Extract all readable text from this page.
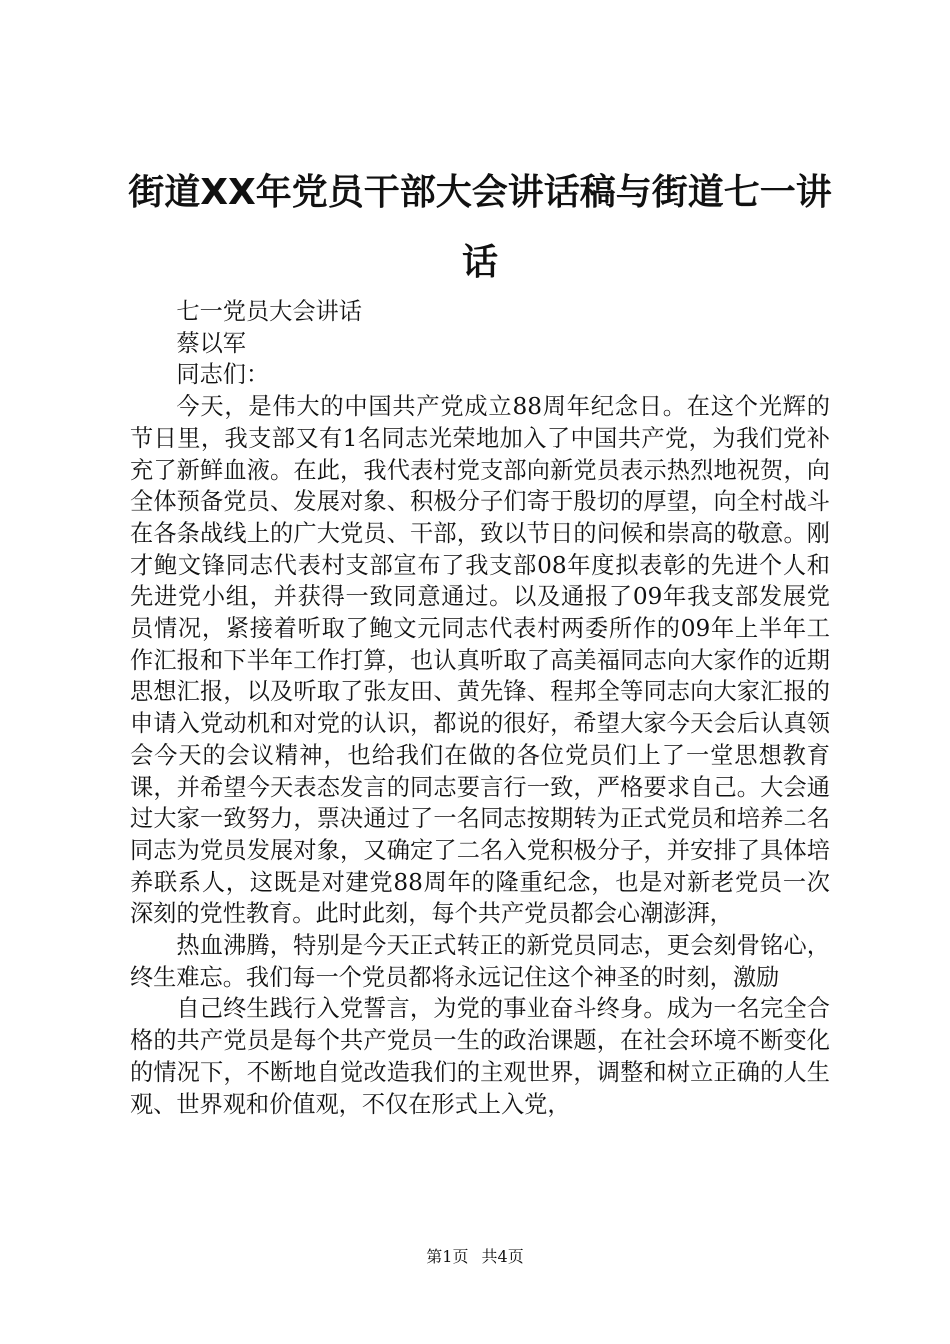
街道XX年党员干部大会讲话稿与街道七一讲话

七一党员大会讲话

蔡以军

同志们：

今天，是伟大的中国共产党成立88周年纪念日。在这个光辉的节日里，我支部又有1名同志光荣地加入了中国共产党，为我们党补充了新鲜血液。在此，我代表村党支部向新党员表示热烈地祝贺，向全体预备党员、发展对象、积极分子们寄于殷切的厚望，向全村战斗在各条战线上的广大党员、干部，致以节日的问候和崇高的敬意。刚才鲍文锋同志代表村支部宣布了我支部08年度拟表彰的先进个人和先进党小组，并获得一致同意通过。以及通报了09年我支部发展党员情况，紧接着听取了鲍文元同志代表村两委所作的09年上半年工作汇报和下半年工作打算，也认真听取了高美福同志向大家作的近期思想汇报，以及听取了张友田、黄先锋、程邦全等同志向大家汇报的申请入党动机和对党的认识，都说的很好，希望大家今天会后认真领会今天的会议精神，也给我们在做的各位党员们上了一堂思想教育课，并希望今天表态发言的同志要言行一致，严格要求自己。大会通过大家一致努力，票决通过了一名同志按期转为正式党员和培养二名同志为党员发展对象，又确定了二名入党积极分子，并安排了具体培养联系人，这既是对建党88周年的隆重纪念，也是对新老党员一次深刻的党性教育。此时此刻，每个共产党员都会心潮澎湃，

热血沸腾，特别是今天正式转正的新党员同志，更会刻骨铭心，终生难忘。我们每一个党员都将永远记住这个神圣的时刻，激励

自己终生践行入党誓言，为党的事业奋斗终身。成为一名完全合格的共产党员是每个共产党员一生的政治课题，在社会环境不断变化的情况下，不断地自觉改造我们的主观世界，调整和树立正确的人生观、世界观和价值观，不仅在形式上入党，

第1页 共4页
